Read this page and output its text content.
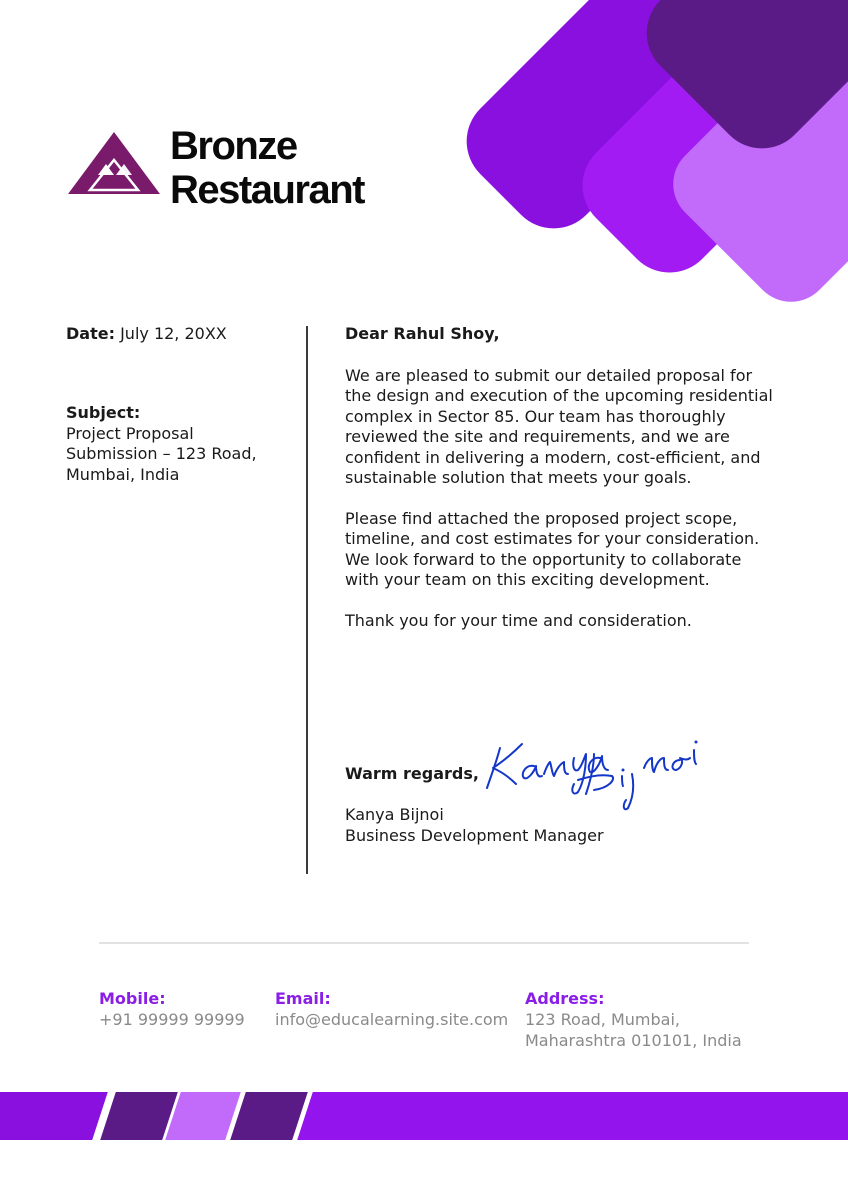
Bronze
Restaurant
Date: July 12, 20XX
Subject:
Project Proposal Submission – 123 Road, Mumbai, India
Dear Rahul Shoy,
We are pleased to submit our detailed proposal for the design and execution of the upcoming residential complex in Sector 85. Our team has thoroughly reviewed the site and requirements, and we are confident in delivering a modern, cost-efficient, and sustainable solution that meets your goals.
Please find attached the proposed project scope, timeline, and cost estimates for your consideration. We look forward to the opportunity to collaborate with your team on this exciting development.
Thank you for your time and consideration.
Warm regards,
Kanya Bijnoi
Business Development Manager
Mobile:
+91 99999 99999
Email:
info@educalearning.site.com
Address:
123 Road, Mumbai, Maharashtra 010101, India
